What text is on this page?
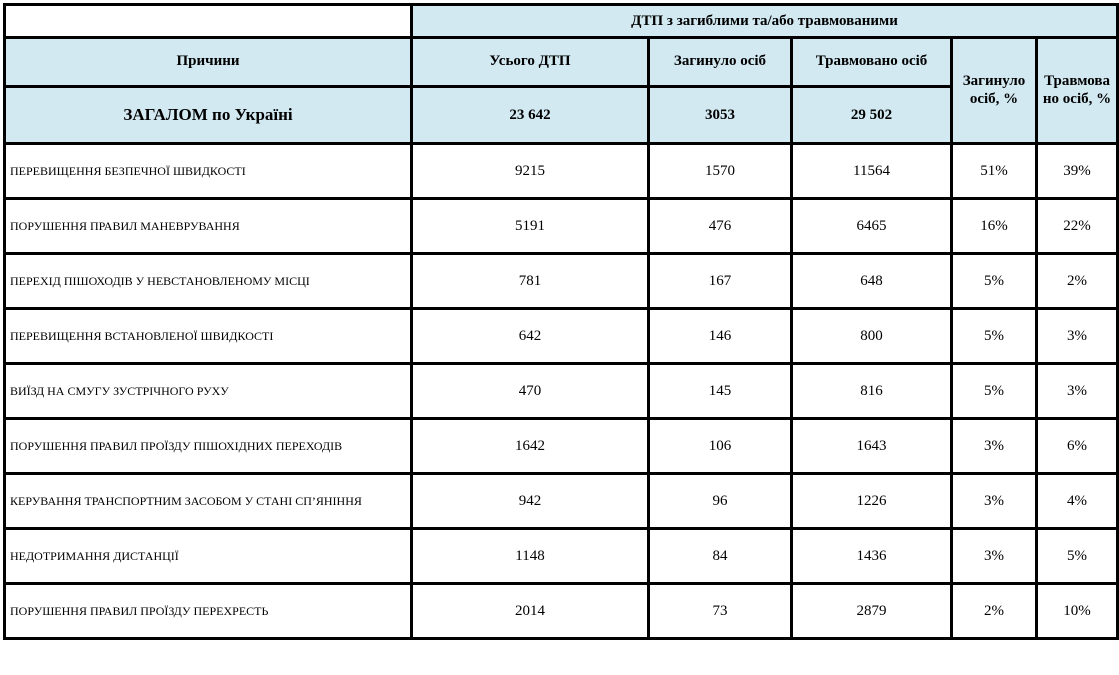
	ДТП з загиблими та/або травмованими				
Причини	Усього ДТП	Загинуло осіб	Травмовано осіб	Загинуло осіб, %	Травмовано осіб, %
ЗАГАЛОМ по Україні	23 642	3053	29 502		
ПЕРЕВИЩЕННЯ БЕЗПЕЧНОЇ ШВИДКОСТІ	9215	1570	11564	51%	39%
ПОРУШЕННЯ ПРАВИЛ МАНЕВРУВАННЯ	5191	476	6465	16%	22%
ПЕРЕХІД ПІШОХОДІВ У НЕВСТАНОВЛЕНОМУ МІСЦІ	781	167	648	5%	2%
ПЕРЕВИЩЕННЯ ВСТАНОВЛЕНОЇ ШВИДКОСТІ	642	146	800	5%	3%
ВИЇЗД НА СМУГУ ЗУСТРІЧНОГО РУХУ	470	145	816	5%	3%
ПОРУШЕННЯ ПРАВИЛ ПРОЇЗДУ ПІШОХІДНИХ ПЕРЕХОДІВ	1642	106	1643	3%	6%
КЕРУВАННЯ ТРАНСПОРТНИМ ЗАСОБОМ У СТАНІ СП’ЯНІННЯ	942	96	1226	3%	4%
НЕДОТРИМАННЯ ДИСТАНЦІЇ	1148	84	1436	3%	5%
ПОРУШЕННЯ ПРАВИЛ ПРОЇЗДУ ПЕРЕХРЕСТЬ	2014	73	2879	2%	10%
